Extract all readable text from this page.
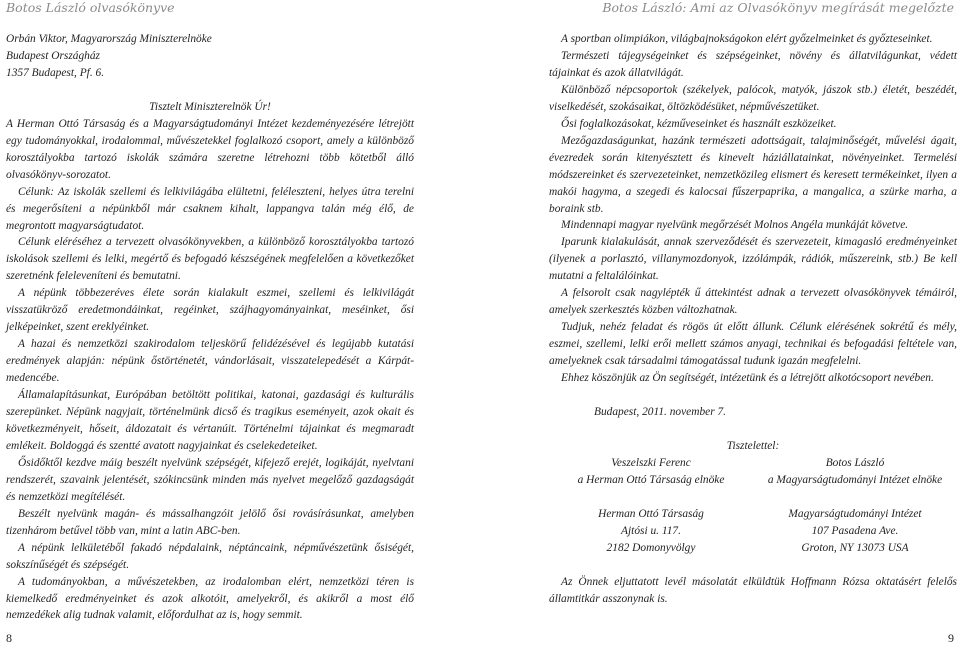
Botos László olvasókönyve	Botos László: Ami az Olvasókönyv megírását megelőzte
Orbán Viktor, Magyarország Miniszterelnöke
Budapest Országház
1357 Budapest, Pf. 6.

Tisztelt Miniszterelnök Úr!

A Herman Ottó Társaság és a Magyarságtudományi Intézet kezdeményezésére létrejött egy tudományokkal, irodalommal, művészetekkel foglalkozó csoport, amely a különböző korosztályokba tartozó iskolák számára szeretne létrehozni több kötetből álló olvasókönyv-sorozatot.

Célunk: Az iskolák szellemi és lelkivilágába elültetni, feléleszteni, helyes útra terelni és megerősíteni a népünkből már csaknem kihalt, lappangva talán még élő, de megrontott magyarságtudatot.

Célunk eléréséhez a tervezett olvasókönyvekben, a különböző korosztályokba tartozó iskolások szellemi és lelki, megértő és befogadó készségének megfelelően a következőket szeretnénk feleleveníteni és bemutatni.

A népünk többezeréves élete során kialakult eszmei, szellemi és lelkivilágát visszatükröző eredetmondáinkat, regéinket, szájhagyományainkat, meséinket, ősi jelképeinket, szent ereklyéinket.

A hazai és nemzetközi szakirodalom teljeskörű felidézésével és legújabb kutatási eredmények alapján: népünk őstörténetét, vándorlásait, visszatelepedését a Kárpát-medencébe.

Államalapításunkat, Európában betöltött politikai, katonai, gazdasági és kulturális szerepünket. Népünk nagyjait, történelmünk dicső és tragikus eseményeit, azok okait és következményeit, hőseit, áldozatait és vértanúit. Történelmi tájainkat és megmaradt emlékeit. Boldoggá és szentté avatott nagyjainkat és cselekedeteiket.

Ősidőktől kezdve máig beszélt nyelvünk szépségét, kifejező erejét, logikáját, nyelvtani rendszerét, szavaink jelentését, szókincsünk minden más nyelvet megelőző gazdagságát és nemzetközi megítélését.

Beszélt nyelvünk magán- és mássalhangzóit jelölő ősi rovásírásunkat, amelyben tizenhárom betűvel több van, mint a latin ABC-ben.

A népünk lelkületéből fakadó népdalaink, néptáncaink, népművészetünk ősiségét, sokszínűségét és szépségét.

A tudományokban, a művészetekben, az irodalomban elért, nemzetközi téren is kiemelkedő eredményeinket és azok alkotóit, amelyekről, és akikről a most élő nemzedékek alig tudnak valamit, előfordulhat az is, hogy semmit.

A sportban olimpiákon, világbajnokságokon elért győzelmeinket és győzteseinket.

Természeti tájegységeinket és szépségeinket, növény és állatvilágunkat, védett tájainkat és azok állatvilágát.

Különböző népcsoportok (székelyek, palócok, matyók, jászok stb.) életét, beszédét, viselkedését, szokásaikat, öltözködésüket, népművészetüket.

Ősi foglalkozásokat, kézműveseinket és használt eszközeiket.

Mezőgazdaságunkat, hazánk természeti adottságait, talajminőségét, művelési ágait, évezredek során kitenyésztett és kinevelt háziállatainkat, növényeinket. Termelési módszereinket és szervezeteinket, nemzetközileg elismert és keresett termékeinket, ilyen a makói hagyma, a szegedi és kalocsai fűszerpaprika, a mangalica, a szürke marha, a boraink stb.

Mindennapi magyar nyelvünk megőrzését Molnos Angéla munkáját követve.

Iparunk kialakulását, annak szerveződését és szervezeteit, kimagasló eredményeinket (ilyenek a porlasztó, villanymozdonyok, izzólámpák, rádiók, műszereink, stb.) Be kell mutatni a feltalálóinkat.

A felsorolt csak nagylépték ű áttekintést adnak a tervezett olvasókönyvek témáiról, amelyek szerkesztés közben változhatnak.

Tudjuk, nehéz feladat és rögös út előtt állunk. Célunk elérésének sokrétű és mély, eszmei, szellemi, lelki erői mellett számos anyagi, technikai és befogadási feltétele van, amelyeknek csak társadalmi támogatással tudunk igazán megfelelni.

Ehhez köszönjük az Ön segítségét, intézetünk és a létrejött alkotócsoport nevében.

Budapest, 2011. november 7.

Tisztelettel:

Veszelszki Ferenc	Botos László
a Herman Ottó Társaság elnöke	a Magyarságtudományi Intézet elnöke
Herman Ottó Társaság	Magyarságtudományi Intézet
Ajtósi u. 117.	107 Pasadena Ave.
2182 Domonyvölgy	Groton, NY 13073 USA

Az Önnek eljuttatott levél másolatát elküldtük Hoffmann Rózsa oktatásért felelős államtitkár asszonynak is.

8	9
